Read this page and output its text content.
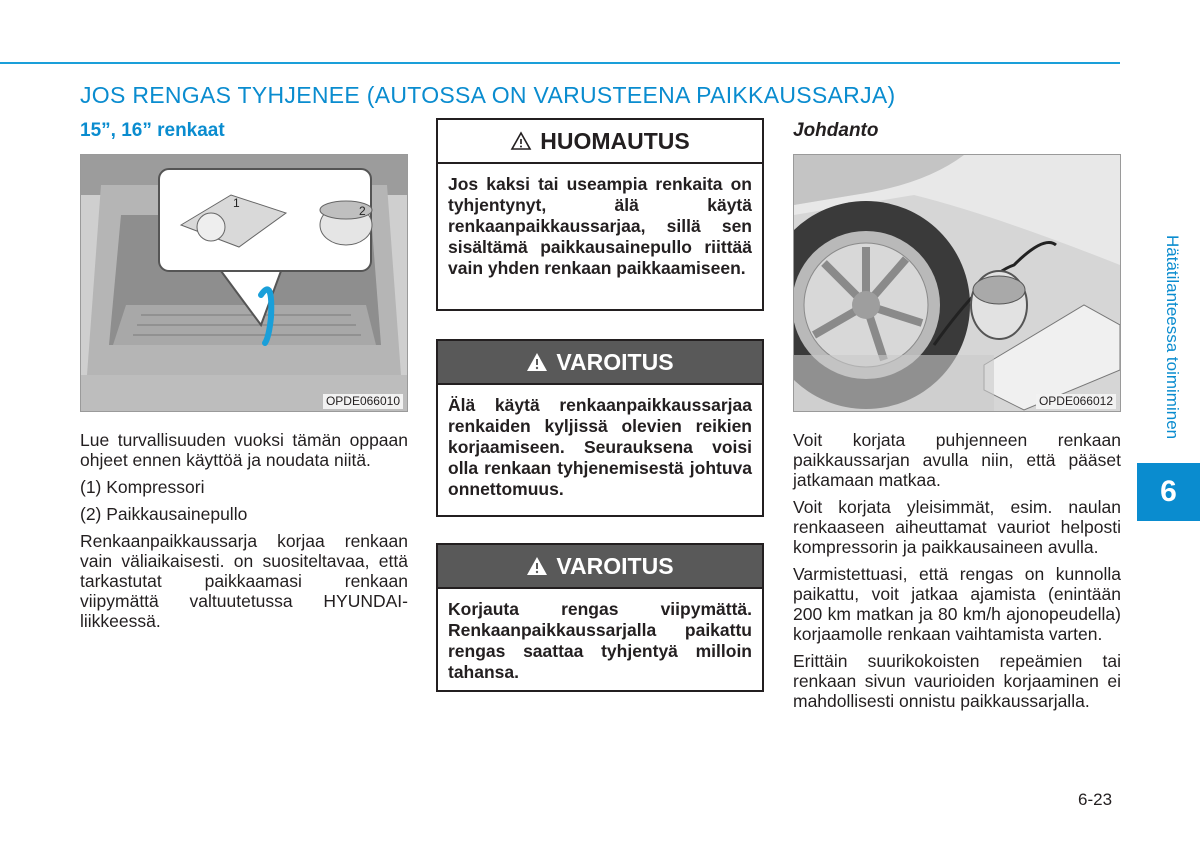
JOS RENGAS TYHJENEE (AUTOSSA ON VARUSTEENA PAIKKAUSSARJA)
15”, 16” renkaat
1
2
OPDE066010

Lue turvallisuuden vuoksi tämän oppaan ohjeet ennen käyttöä ja noudata niitä.

(1) Kompressori

(2) Paikkausainepullo

Renkaanpaikkaussarja korjaa renkaan vain väliaikaisesti. on suositeltavaa, että tarkastutat paikkaamasi renkaan viipymättä valtuutetussa HYUNDAI-liikkeessä.

HUOMAUTUS
Jos kaksi tai useampia renkaita on tyhjentynyt, älä käytä renkaanpaikkaussarjaa, sillä sen sisältämä paikkausainepullo riittää vain yhden renkaan paikkaamiseen.
VAROITUS
Älä käytä renkaanpaikkaussarjaa renkaiden kyljissä olevien reikien korjaamiseen. Seurauksena voisi olla renkaan tyhjenemisestä johtuva onnettomuus.
VAROITUS
Korjauta rengas viipymättä. Renkaanpaikkaussarjalla paikattu rengas saattaa tyhjentyä milloin tahansa.
Johdanto
OPDE066012

Voit korjata puhjenneen renkaan paikkaussarjan avulla niin, että pääset jatkamaan matkaa.

Voit korjata yleisimmät, esim. naulan renkaaseen aiheuttamat vauriot helposti kompressorin ja paikkausaineen avulla.

Varmistettuasi, että rengas on kunnolla paikattu, voit jatkaa ajamista (enintään 200 km matkan ja 80 km/h ajonopeudella) korjaamolle renkaan vaihtamista varten.

Erittäin suurikokoisten repeämien tai renkaan sivun vaurioiden korjaaminen ei mahdollisesti onnistu paikkaussarjalla.

Hätätilanteessa toimiminen
6
6-23
